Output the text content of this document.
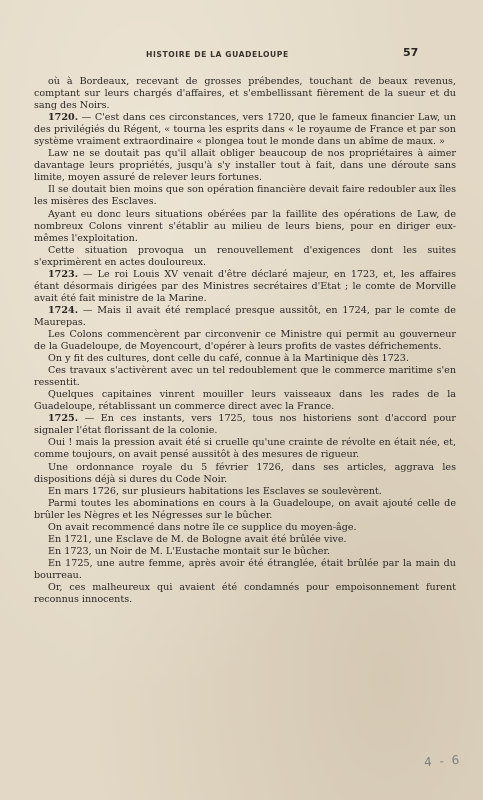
HISTOIRE DE LA GUADELOUPE	57

où à Bordeaux, recevant de grosses prébendes, touchant de beaux revenus, comptant sur leurs chargés d'affaires, et s'embellissant fièrement de la sueur et du sang des Noirs.

1720. — C'est dans ces circonstances, vers 1720, que le fameux financier Law, un des privilégiés du Régent, « tourna les esprits dans « le royaume de France et par son système vraiment extraordinaire « plongea tout le monde dans un abîme de maux. »

Law ne se doutait pas qu'il allait obliger beaucoup de nos propriétaires à aimer davantage leurs propriétés, jusqu'à s'y installer tout à fait, dans une déroute sans limite, moyen assuré de relever leurs fortunes.

Il se doutait bien moins que son opération financière devait faire redoubler aux îles les misères des Esclaves.

Ayant eu donc leurs situations obérées par la faillite des opérations de Law, de nombreux Colons vinrent s'établir au milieu de leurs biens, pour en diriger eux-mêmes l'exploitation.

Cette situation provoqua un renouvellement d'exigences dont les suites s'exprimèrent en actes douloureux.

1723. — Le roi Louis XV venait d'être déclaré majeur, en 1723, et, les affaires étant désormais dirigées par des Ministres secrétaires d'Etat ; le comte de Morville avait été fait ministre de la Marine.

1724. — Mais il avait été remplacé presque aussitôt, en 1724, par le comte de Maurepas.

Les Colons commencèrent par circonvenir ce Ministre qui permit au gouverneur de la Guadeloupe, de Moyencourt, d'opérer à leurs profits de vastes défrichements.

On y fit des cultures, dont celle du café, connue à la Martinique dès 1723.

Ces travaux s'activèrent avec un tel redoublement que le commerce maritime s'en ressentit.

Quelques capitaines vinrent mouiller leurs vaisseaux dans les rades de la Guadeloupe, rétablissant un commerce direct avec la France.

1725. — En ces instants, vers 1725, tous nos historiens sont d'accord pour signaler l'état florissant de la colonie.

Oui ! mais la pression avait été si cruelle qu'une crainte de révolte en était née, et, comme toujours, on avait pensé aussitôt à des mesures de rigueur.

Une ordonnance royale du 5 février 1726, dans ses articles, aggrava les dispositions déjà si dures du Code Noir.

En mars 1726, sur plusieurs habitations les Esclaves se soulevèrent.

Parmi toutes les abominations en cours à la Guadeloupe, on avait ajouté celle de brûler les Nègres et les Négresses sur le bûcher.

On avait recommencé dans notre île ce supplice du moyen-âge.

En 1721, une Esclave de M. de Bologne avait été brûlée vive.

En 1723, un Noir de M. L'Eustache montait sur le bûcher.

En 1725, une autre femme, après avoir été étranglée, était brûlée par la main du bourreau.

Or, ces malheureux qui avaient été condamnés pour empoisonnement furent reconnus innocents.

4 - 6
